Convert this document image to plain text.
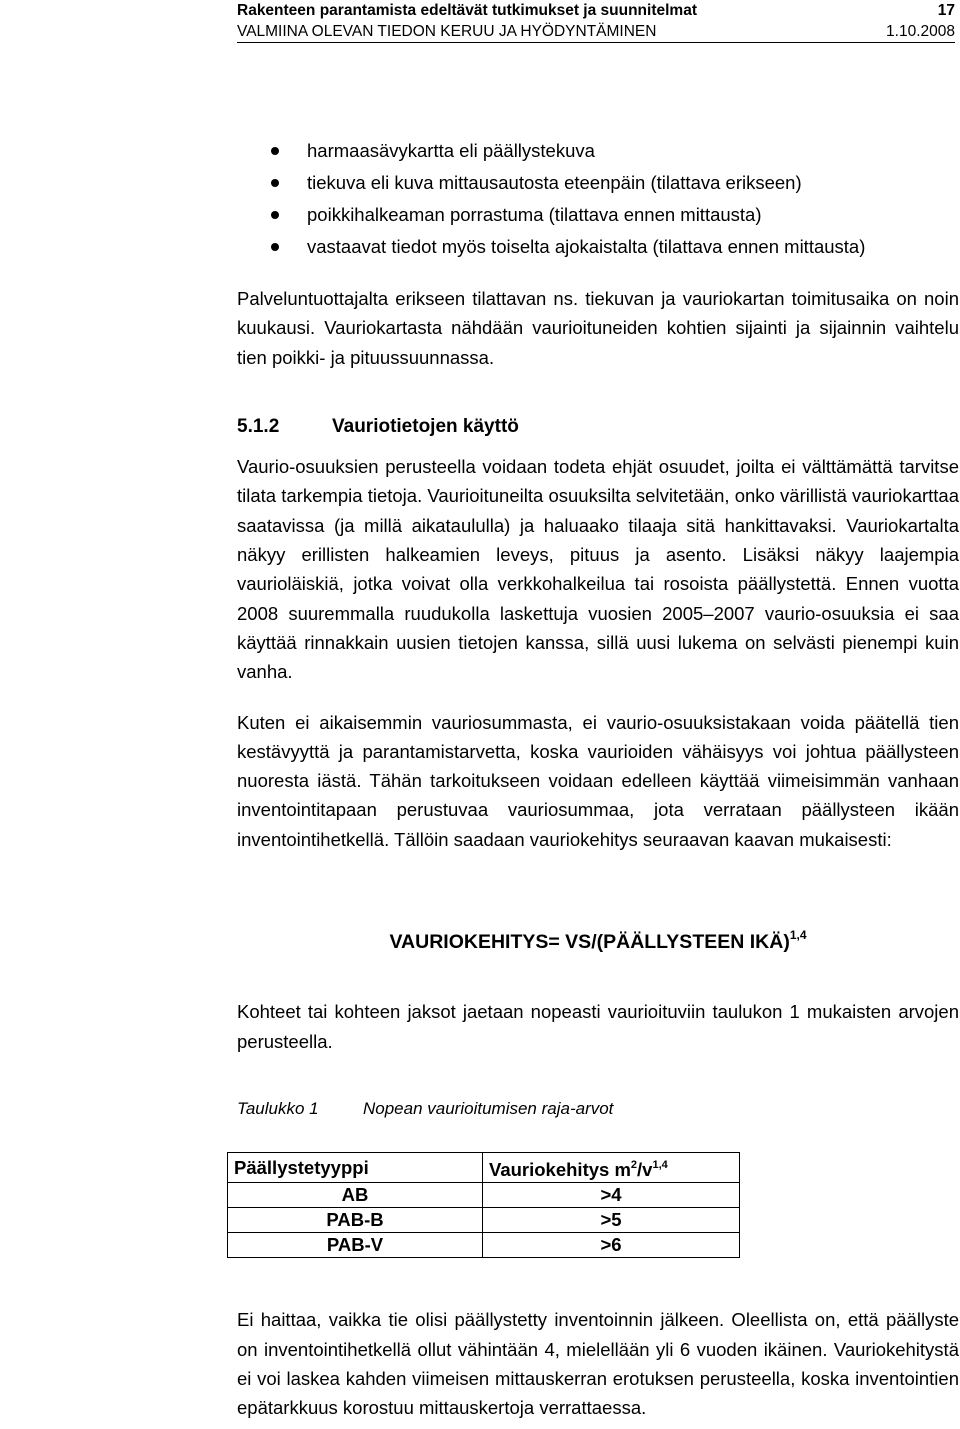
Rakenteen parantamista edeltävät tutkimukset ja suunnitelmat	17
VALMIINA OLEVAN TIEDON KERUU JA HYÖDYNTÄMINEN	1.10.2008
harmaasävykartta eli päällystekuva
tiekuva eli kuva mittausautosta eteenpäin (tilattava erikseen)
poikkihalkeaman porrastuma (tilattava ennen mittausta)
vastaavat tiedot myös toiselta ajokaistalta (tilattava ennen mittausta)

Palveluntuottajalta erikseen tilattavan ns. tiekuvan ja vauriokartan toimitusaika on noin kuukausi. Vauriokartasta nähdään vaurioituneiden kohtien sijainti ja sijainnin vaihtelu tien poikki- ja pituussuunnassa.

5.1.2	Vauriotietojen käyttö

Vaurio-osuuksien perusteella voidaan todeta ehjät osuudet, joilta ei välttämättä tarvitse tilata tarkempia tietoja. Vaurioituneilta osuuksilta selvitetään, onko värillistä vauriokarttaa saatavissa (ja millä aikataululla) ja haluaako tilaaja sitä hankittavaksi. Vauriokartalta näkyy erillisten halkeamien leveys, pituus ja asento. Lisäksi näkyy laajempia vaurioläiskiä, jotka voivat olla verkkohalkeilua tai rosoista päällystettä. Ennen vuotta 2008 suuremmalla ruudukolla laskettuja vuosien 2005–2007 vaurio-osuuksia ei saa käyttää rinnakkain uusien tietojen kanssa, sillä uusi lukema on selvästi pienempi kuin vanha.

Kuten ei aikaisemmin vauriosummasta, ei vaurio-osuuksistakaan voida päätellä tien kestävyyttä ja parantamistarvetta, koska vaurioiden vähäisyys voi johtua päällysteen nuoresta iästä. Tähän tarkoitukseen voidaan edelleen käyttää viimeisimmän vanhaan inventointitapaan perustuvaa vauriosummaa, jota verrataan päällysteen ikään inventointihetkellä. Tällöin saadaan vauriokehitys seuraavan kaavan mukaisesti:

VAURIOKEHITYS= VS/(PÄÄLLYSTEEN IKÄ)$^{1,4}$

Kohteet tai kohteen jaksot jaetaan nopeasti vaurioituviin taulukon 1 mukaisten arvojen perusteella.

Taulukko 1	Nopean vaurioitumisen raja-arvot
Päällystetyyppi	Vauriokehitys $m^2/v^{1,4}$
AB	>4
PAB-B	>5
PAB-V	>6

Ei haittaa, vaikka tie olisi päällystetty inventoinnin jälkeen. Oleellista on, että päällyste on inventointihetkellä ollut vähintään 4, mielellään yli 6 vuoden ikäinen. Vauriokehitystä ei voi laskea kahden viimeisen mittauskerran erotuksen perusteella, koska inventointien epätarkkuus korostuu mittauskertoja verrattaessa.
